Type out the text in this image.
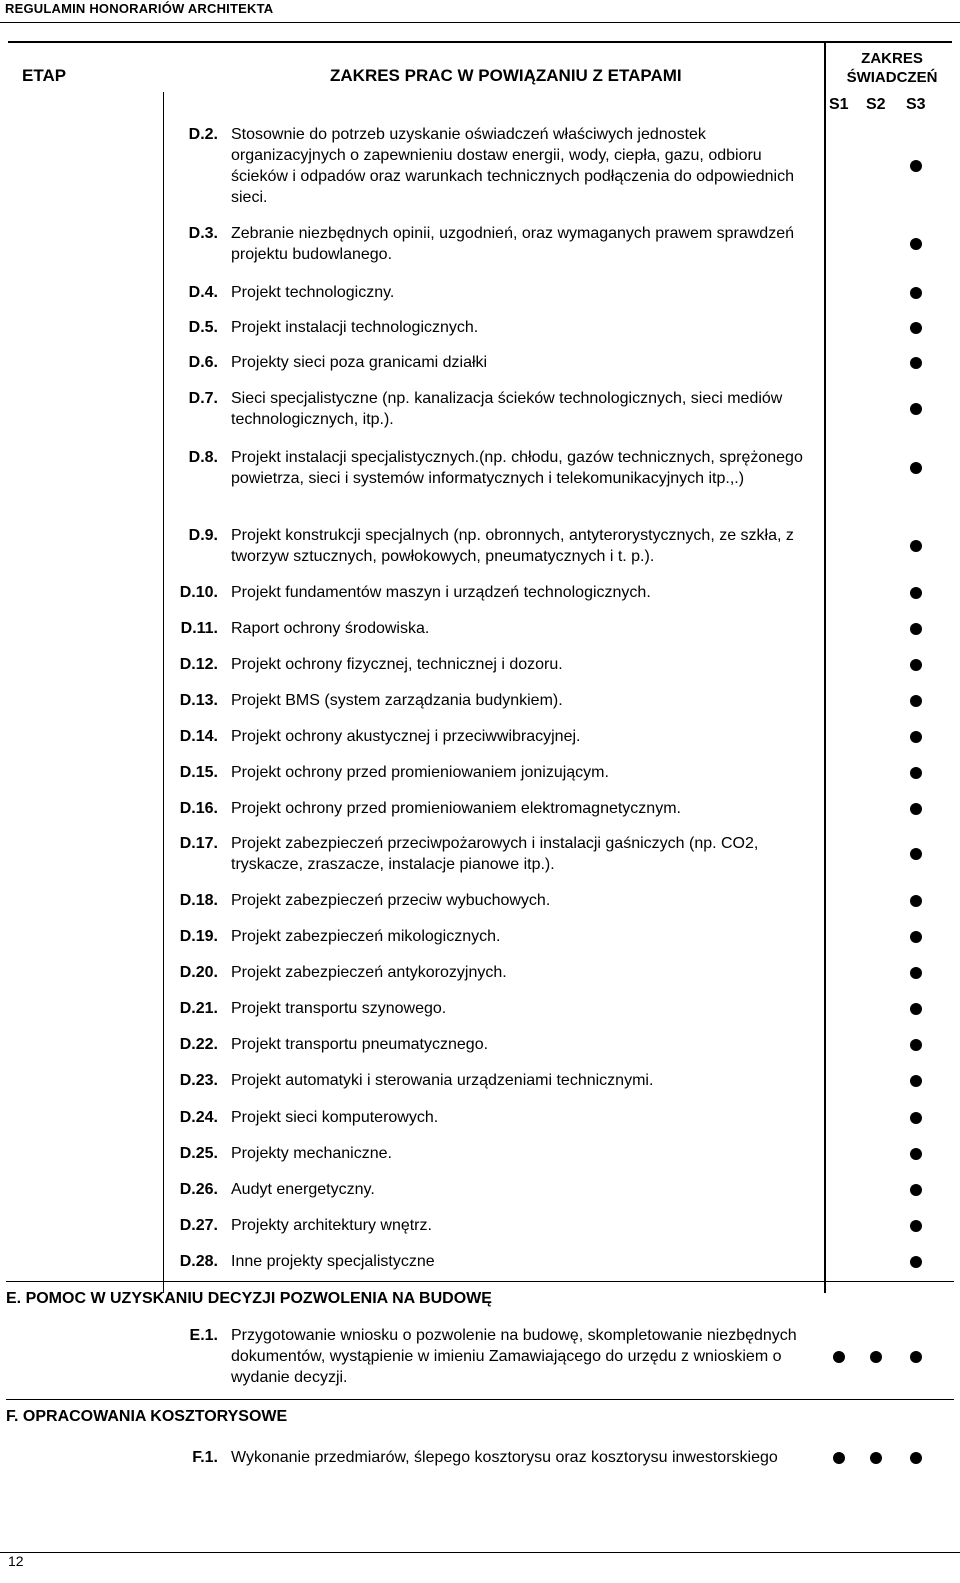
REGULAMIN HONORARIÓW ARCHITEKTA
ETAP	ZAKRES PRAC W POWIĄZANIU Z ETAPAMI
ZAKRES
ŚWIADCZEŃ
S1 S2 S3
D.2. Stosownie do potrzeb uzyskanie oświadczeń właściwych jednostek organizacyjnych o zapewnieniu dostaw energii, wody, ciepła, gazu, odbioru ścieków i odpadów oraz warunkach technicznych podłączenia do odpowiednich sieci.
D.3. Zebranie niezbędnych opinii, uzgodnień, oraz wymaganych prawem sprawdzeń projektu budowlanego.
D.4. Projekt technologiczny.
D.5. Projekt instalacji technologicznych.
D.6. Projekty sieci poza granicami działki
D.7. Sieci specjalistyczne (np. kanalizacja ścieków technologicznych, sieci mediów technologicznych, itp.).
D.8. Projekt instalacji specjalistycznych.(np. chłodu, gazów technicznych, sprężonego powietrza, sieci i systemów informatycznych i telekomunikacyjnych itp.,.)
D.9. Projekt konstrukcji specjalnych (np. obronnych, antyterorystycznych, ze szkła, z tworzyw sztucznych, powłokowych, pneumatycznych i t. p.).
D.10. Projekt fundamentów maszyn i urządzeń technologicznych.
D.11. Raport ochrony środowiska.
D.12. Projekt ochrony fizycznej, technicznej i dozoru.
D.13. Projekt BMS (system zarządzania budynkiem).
D.14. Projekt ochrony akustycznej i przeciwwibracyjnej.
D.15. Projekt ochrony przed promieniowaniem jonizującym.
D.16. Projekt ochrony przed promieniowaniem elektromagnetycznym.
D.17. Projekt zabezpieczeń przeciwpożarowych i instalacji gaśniczych (np. CO2, tryskacze, zraszacze, instalacje pianowe itp.).
D.18. Projekt zabezpieczeń przeciw wybuchowych.
D.19. Projekt zabezpieczeń mikologicznych.
D.20. Projekt zabezpieczeń antykorozyjnych.
D.21. Projekt transportu szynowego.
D.22. Projekt transportu pneumatycznego.
D.23. Projekt automatyki i sterowania urządzeniami technicznymi.
D.24. Projekt sieci komputerowych.
D.25. Projekty mechaniczne.
D.26. Audyt energetyczny.
D.27. Projekty architektury wnętrz.
D.28. Inne projekty specjalistyczne
E. POMOC W UZYSKANIU DECYZJI POZWOLENIA NA BUDOWĘ
E.1. Przygotowanie wniosku o pozwolenie na budowę, skompletowanie niezbędnych dokumentów, wystąpienie w imieniu Zamawiającego do urzędu z wnioskiem o wydanie decyzji.
F. OPRACOWANIA KOSZTORYSOWE
F.1. Wykonanie przedmiarów, ślepego kosztorysu oraz kosztorysu inwestorskiego
12
